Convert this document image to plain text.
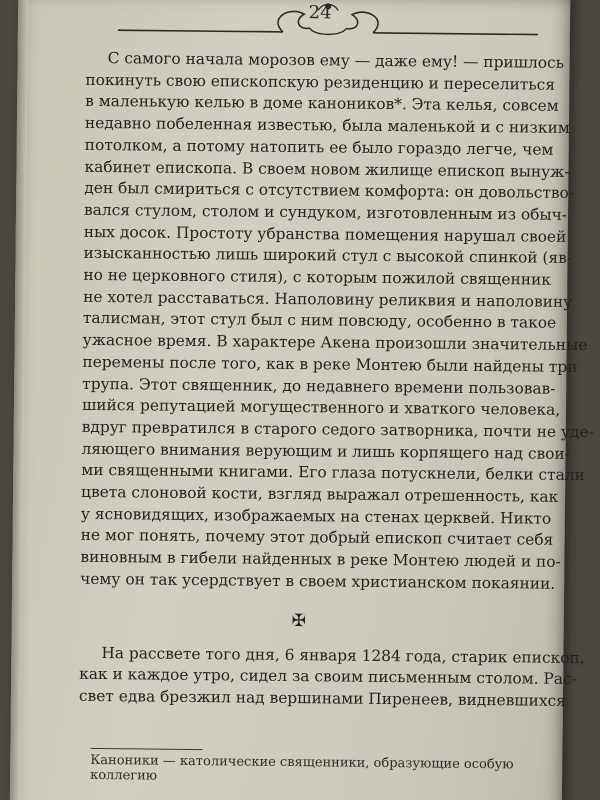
24
С самого начала морозов ему — даже ему! — пришлось
покинуть свою епископскую резиденцию и переселиться
в маленькую келью в доме каноников*. Эта келья, совсем
недавно побеленная известью, была маленькой и с низким
потолком, а потому натопить ее было гораздо легче, чем
кабинет епископа. В своем новом жилище епископ вынуж-
ден был смириться с отсутствием комфорта: он довольство-
вался стулом, столом и сундуком, изготовленным из обыч-
ных досок. Простоту убранства помещения нарушал своей
изысканностью лишь широкий стул с высокой спинкой (яв-
но не церковного стиля), с которым пожилой священник
не хотел расставаться. Наполовину реликвия и наполовину
талисман, этот стул был с ним повсюду, особенно в такое
ужасное время. В характере Акена произошли значительные
перемены после того, как в реке Монтею были найдены три
трупа. Этот священник, до недавнего времени пользовав-
шийся репутацией могущественного и хваткого человека,
вдруг превратился в старого седого затворника, почти не уде-
ляющего внимания верующим и лишь корпящего над свои-
ми священными книгами. Его глаза потускнели, белки стали
цвета слоновой кости, взгляд выражал отрешенность, как
у ясновидящих, изображаемых на стенах церквей. Никто
не мог понять, почему этот добрый епископ считает себя
виновным в гибели найденных в реке Монтею людей и по-
чему он так усердствует в своем христианском покаянии.
✠
На рассвете того дня, 6 января 1284 года, старик епископ,
как и каждое утро, сидел за своим письменным столом. Рас-
свет едва брезжил над вершинами Пиренеев, видневшихся
Каноники — католические священники, образующие особую коллегию
